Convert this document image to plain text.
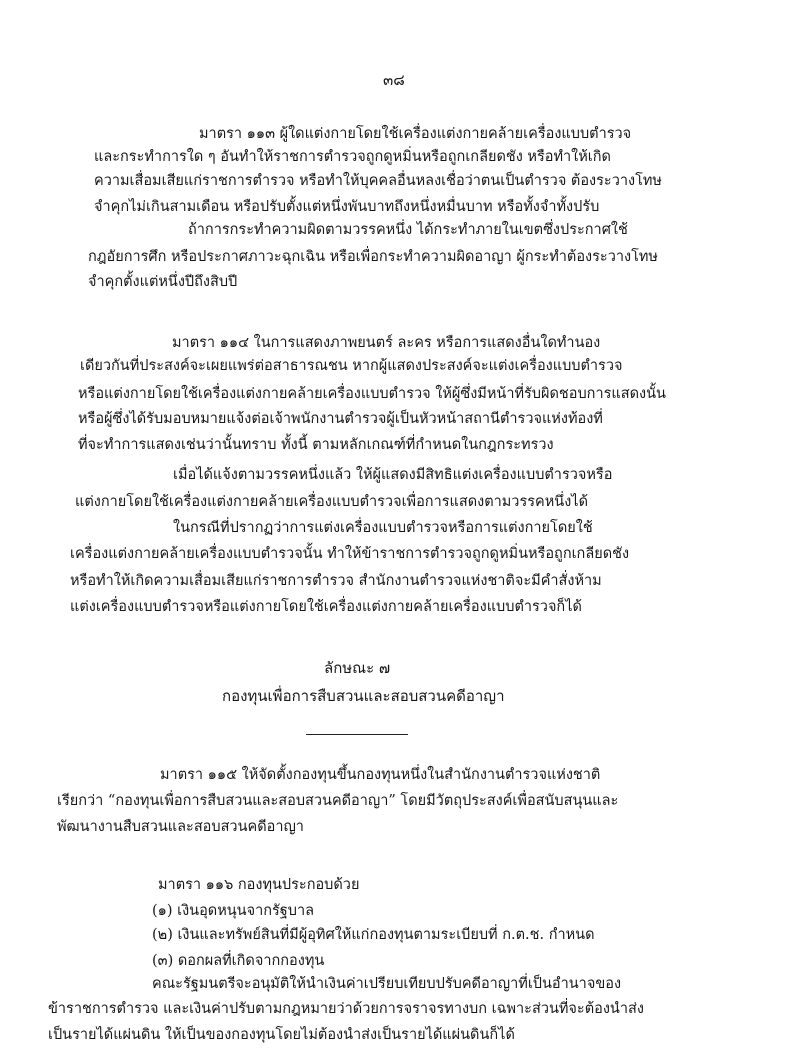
๓๘
มาตรา ๑๑๓ ผู้ใดแต่งกายโดยใช้เครื่องแต่งกายคล้ายเครื่องแบบตำรวจ
และกระทำการใด ๆ อันทำให้ราชการตำรวจถูกดูหมิ่นหรือถูกเกลียดชัง หรือทำให้เกิด
ความเสื่อมเสียแก่ราชการตำรวจ หรือทำให้บุคคลอื่นหลงเชื่อว่าตนเป็นตำรวจ ต้องระวางโทษ
จำคุกไม่เกินสามเดือน หรือปรับตั้งแต่หนึ่งพันบาทถึงหนึ่งหมื่นบาท หรือทั้งจำทั้งปรับ
ถ้าการกระทำความผิดตามวรรคหนึ่ง ได้กระทำภายในเขตซึ่งประกาศใช้
กฎอัยการศึก หรือประกาศภาวะฉุกเฉิน หรือเพื่อกระทำความผิดอาญา ผู้กระทำต้องระวางโทษ
จำคุกตั้งแต่หนึ่งปีถึงสิบปี
มาตรา ๑๑๔ ในการแสดงภาพยนตร์ ละคร หรือการแสดงอื่นใดทำนอง
เดียวกันที่ประสงค์จะเผยแพร่ต่อสาธารณชน หากผู้แสดงประสงค์จะแต่งเครื่องแบบตำรวจ
หรือแต่งกายโดยใช้เครื่องแต่งกายคล้ายเครื่องแบบตำรวจ ให้ผู้ซึ่งมีหน้าที่รับผิดชอบการแสดงนั้น
หรือผู้ซึ่งได้รับมอบหมายแจ้งต่อเจ้าพนักงานตำรวจผู้เป็นหัวหน้าสถานีตำรวจแห่งท้องที่
ที่จะทำการแสดงเช่นว่านั้นทราบ ทั้งนี้ ตามหลักเกณฑ์ที่กำหนดในกฎกระทรวง
เมื่อได้แจ้งตามวรรคหนึ่งแล้ว ให้ผู้แสดงมีสิทธิแต่งเครื่องแบบตำรวจหรือ
แต่งกายโดยใช้เครื่องแต่งกายคล้ายเครื่องแบบตำรวจเพื่อการแสดงตามวรรคหนึ่งได้
ในกรณีที่ปรากฏว่าการแต่งเครื่องแบบตำรวจหรือการแต่งกายโดยใช้
เครื่องแต่งกายคล้ายเครื่องแบบตำรวจนั้น ทำให้ข้าราชการตำรวจถูกดูหมิ่นหรือถูกเกลียดชัง
หรือทำให้เกิดความเสื่อมเสียแก่ราชการตำรวจ สำนักงานตำรวจแห่งชาติจะมีคำสั่งห้าม
แต่งเครื่องแบบตำรวจหรือแต่งกายโดยใช้เครื่องแต่งกายคล้ายเครื่องแบบตำรวจก็ได้
ลักษณะ ๗
กองทุนเพื่อการสืบสวนและสอบสวนคดีอาญา
มาตรา ๑๑๕ ให้จัดตั้งกองทุนขึ้นกองทุนหนึ่งในสำนักงานตำรวจแห่งชาติ
เรียกว่า “กองทุนเพื่อการสืบสวนและสอบสวนคดีอาญา” โดยมีวัตถุประสงค์เพื่อสนับสนุนและ
พัฒนางานสืบสวนและสอบสวนคดีอาญา
มาตรา ๑๑๖ กองทุนประกอบด้วย
(๑) เงินอุดหนุนจากรัฐบาล
(๒) เงินและทรัพย์สินที่มีผู้อุทิศให้แก่กองทุนตามระเบียบที่ ก.ต.ช. กำหนด
(๓) ดอกผลที่เกิดจากกองทุน
คณะรัฐมนตรีจะอนุมัติให้นำเงินค่าเปรียบเทียบปรับคดีอาญาที่เป็นอำนาจของ
ข้าราชการตำรวจ และเงินค่าปรับตามกฎหมายว่าด้วยการจราจรทางบก เฉพาะส่วนที่จะต้องนำส่ง
เป็นรายได้แผ่นดิน ให้เป็นของกองทุนโดยไม่ต้องนำส่งเป็นรายได้แผ่นดินก็ได้
